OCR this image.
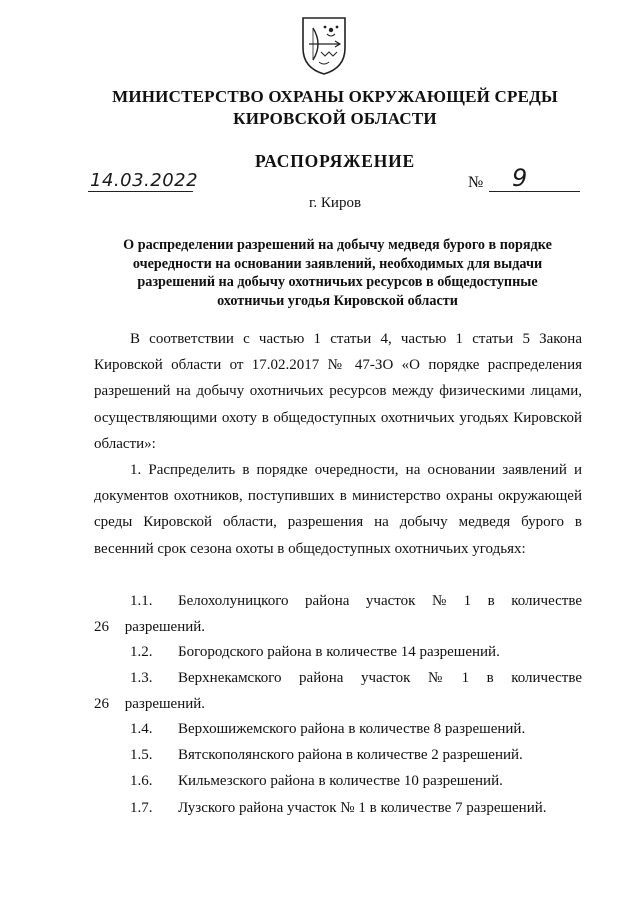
МИНИСТЕРСТВО ОХРАНЫ ОКРУЖАЮЩЕЙ СРЕДЫ
КИРОВСКОЙ ОБЛАСТИ
РАСПОРЯЖЕНИЕ
14.03.2022	№ 9
г. Киров
О распределении разрешений на добычу медведя бурого в порядке очередности на основании заявлений, необходимых для выдачи разрешений на добычу охотничьих ресурсов в общедоступные охотничьи угодья Кировской области
В соответствии с частью 1 статьи 4, частью 1 статьи 5 Закона Кировской области от 17.02.2017 № 47-ЗО «О порядке распределения разрешений на добычу охотничьих ресурсов между физическими лицами, осуществляющими охоту в общедоступных охотничьих угодьях Кировской области»:
1. Распределить в порядке очередности, на основании заявлений и документов охотников, поступивших в министерство охраны окружающей среды Кировской области, разрешения на добычу медведя бурого в весенний срок сезона охоты в общедоступных охотничьих угодьях:
1.1. Белохолуницкого района участок № 1 в количестве 26 разрешений.
1.2. Богородского района в количестве 14 разрешений.
1.3. Верхнекамского района участок № 1 в количестве 26 разрешений.
1.4. Верхошижемского района в количестве 8 разрешений.
1.5. Вятскополянского района в количестве 2 разрешений.
1.6. Кильмезского района в количестве 10 разрешений.
1.7. Лузского района участок № 1 в количестве 7 разрешений.
